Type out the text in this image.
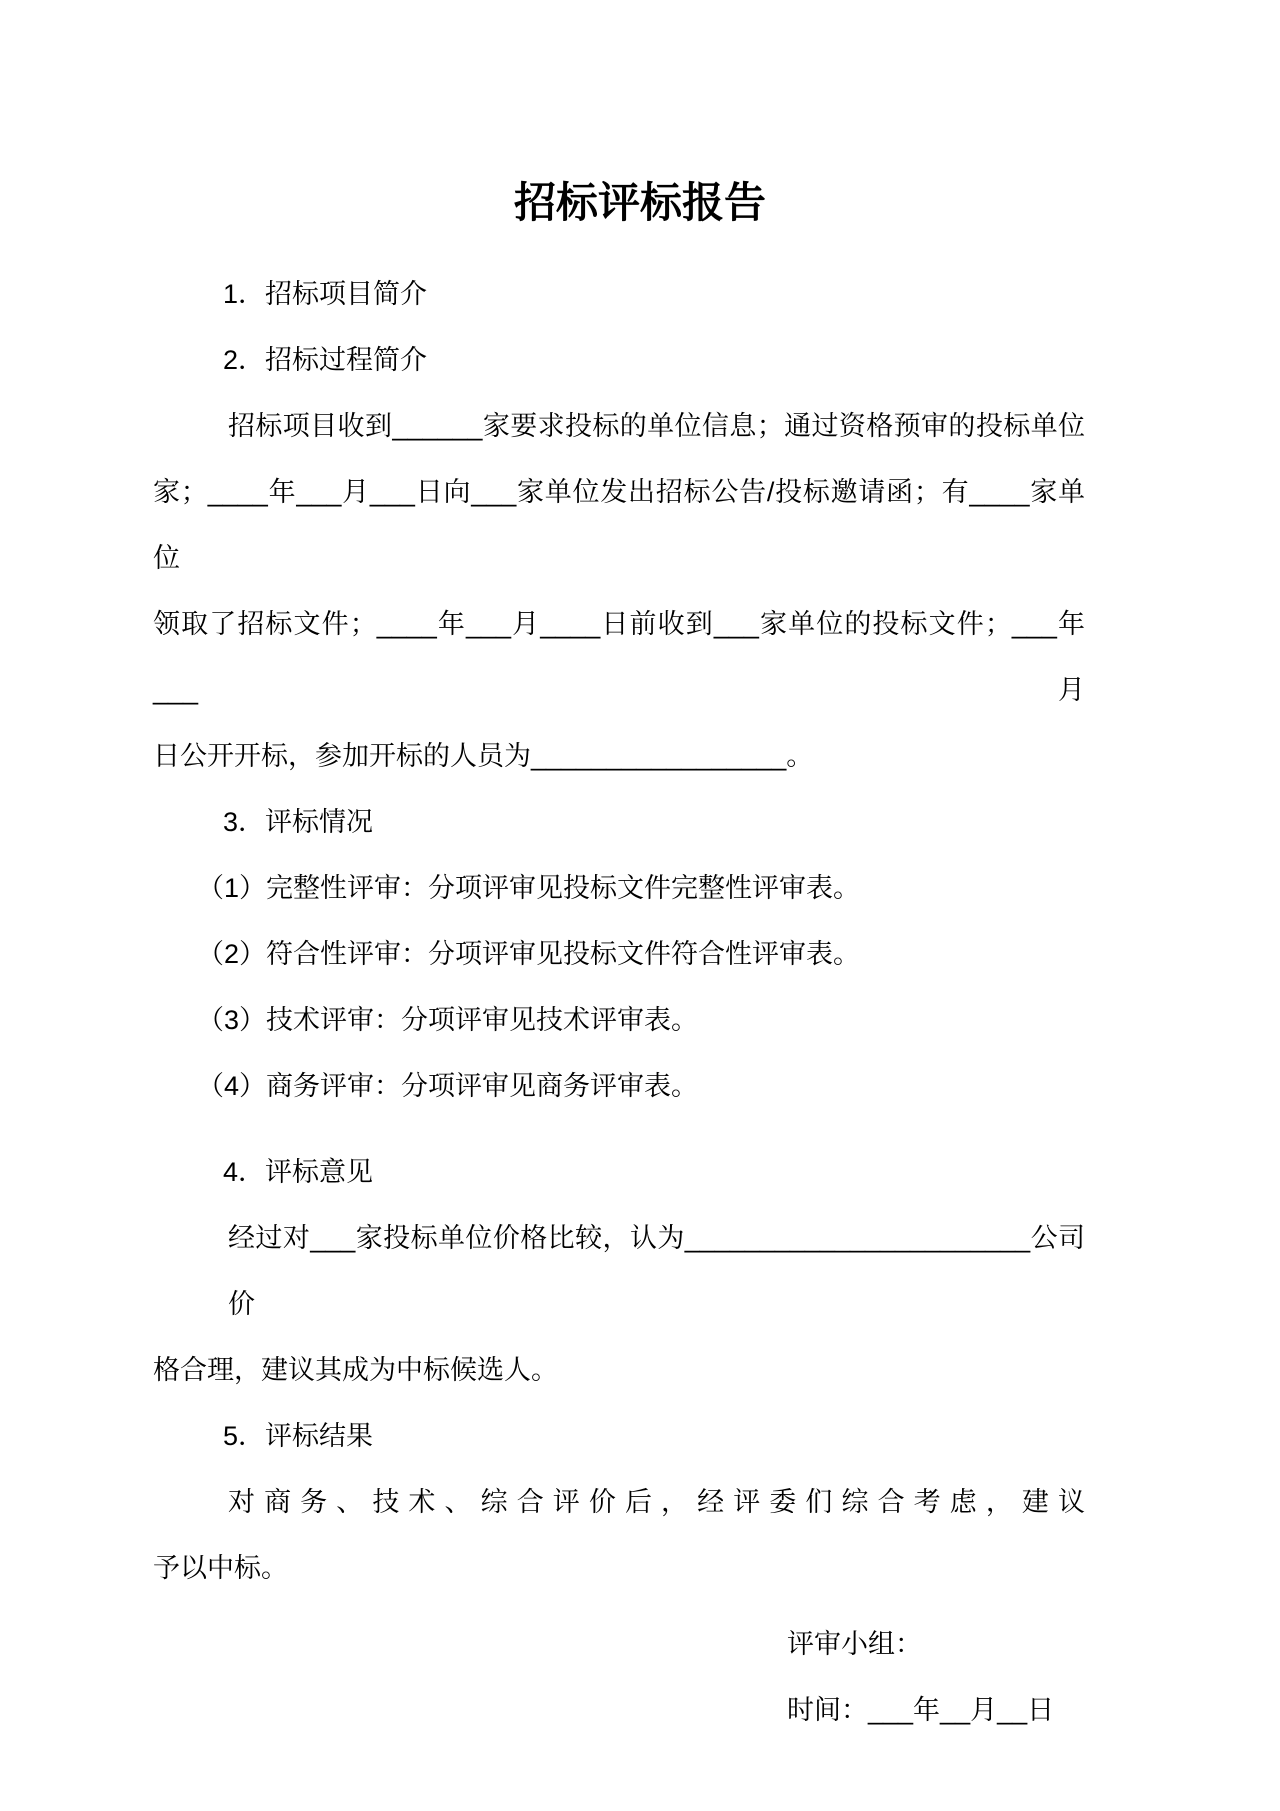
招标评标报告
1．招标项目简介
2．招标过程简介
招标项目收到______家要求投标的单位信息；通过资格预审的投标单位
家；____年___月___日向___家单位发出招标公告/投标邀请函；有____家单位
领取了招标文件；____年___月____日前收到___家单位的投标文件；___年___月
日公开开标，参加开标的人员为_________________。
3．评标情况
（1）完整性评审：分项评审见投标文件完整性评审表。
（2）符合性评审：分项评审见投标文件符合性评审表。
（3）技术评审：分项评审见技术评审表。
（4）商务评审：分项评审见商务评审表。
4．评标意见
经过对___家投标单位价格比较，认为_______________________公司价
格合理，建议其成为中标候选人。
5．评标结果
对商务、技术、综合评价后，经评委们综合考虑，建议
予以中标。
评审小组：
时间：___年__月__日
